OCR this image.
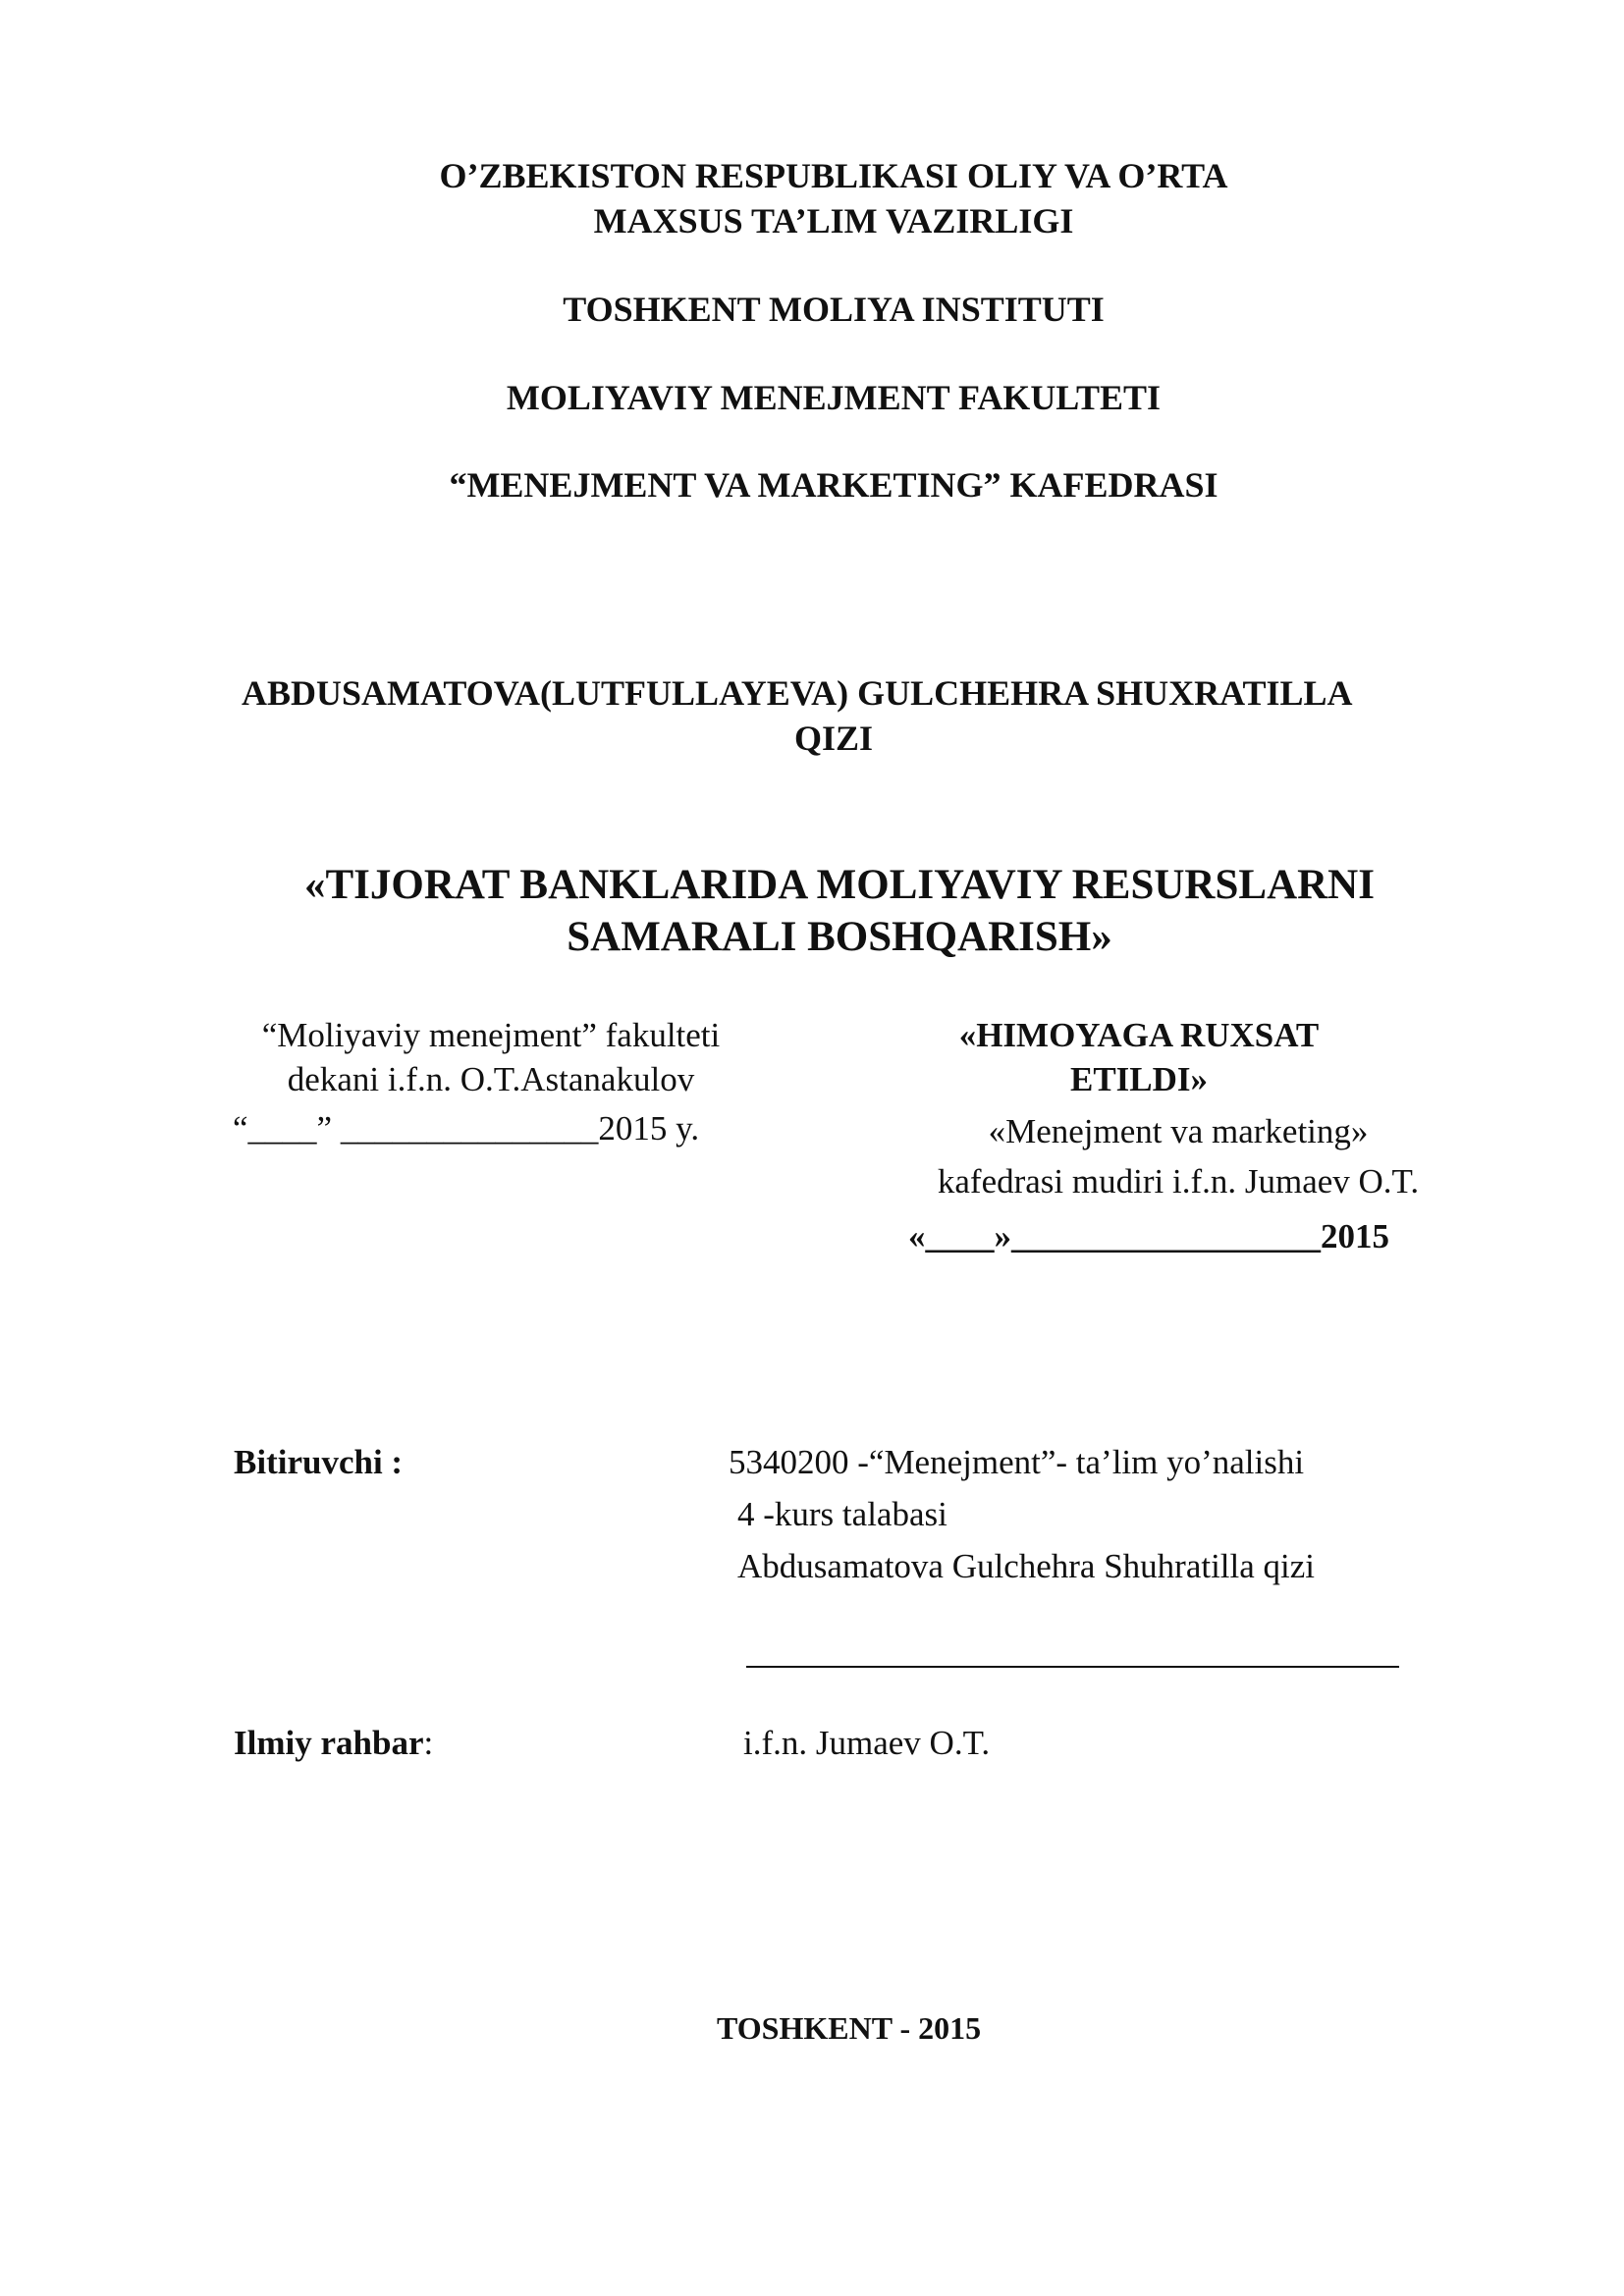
O’ZBEKISTON RESPUBLIKASI OLIY VA O’RTA
MAXSUS TA’LIM VAZIRLIGI
TOSHKENT MOLIYA INSTITUTI
MOLIYAVIY MENEJMENT FAKULTETI
“MENEJMENT VA MARKETING” KAFEDRASI
ABDUSAMATOVA(LUTFULLAYEVA) GULCHEHRA SHUXRATILLA
QIZI
«TIJORAT BANKLARIDA MOLIYAVIY RESURSLARNI
SAMARALI BOSHQARISH»
“Moliyaviy menejment” fakulteti
dekani i.f.n. O.T.Astanakulov
“____” _______________2015 y.
«HIMOYAGA RUXSAT
ETILDI»
«Menejment va marketing»
kafedrasi mudiri i.f.n. Jumaev O.T.
«____»__________________2015
Bitiruvchi :	5340200 -“Menejment”- ta’lim yo’nalishi
4 -kurs talabasi
Abdusamatova Gulchehra Shuhratilla qizi
Ilmiy rahbar:	i.f.n. Jumaev O.T.
TOSHKENT - 2015
